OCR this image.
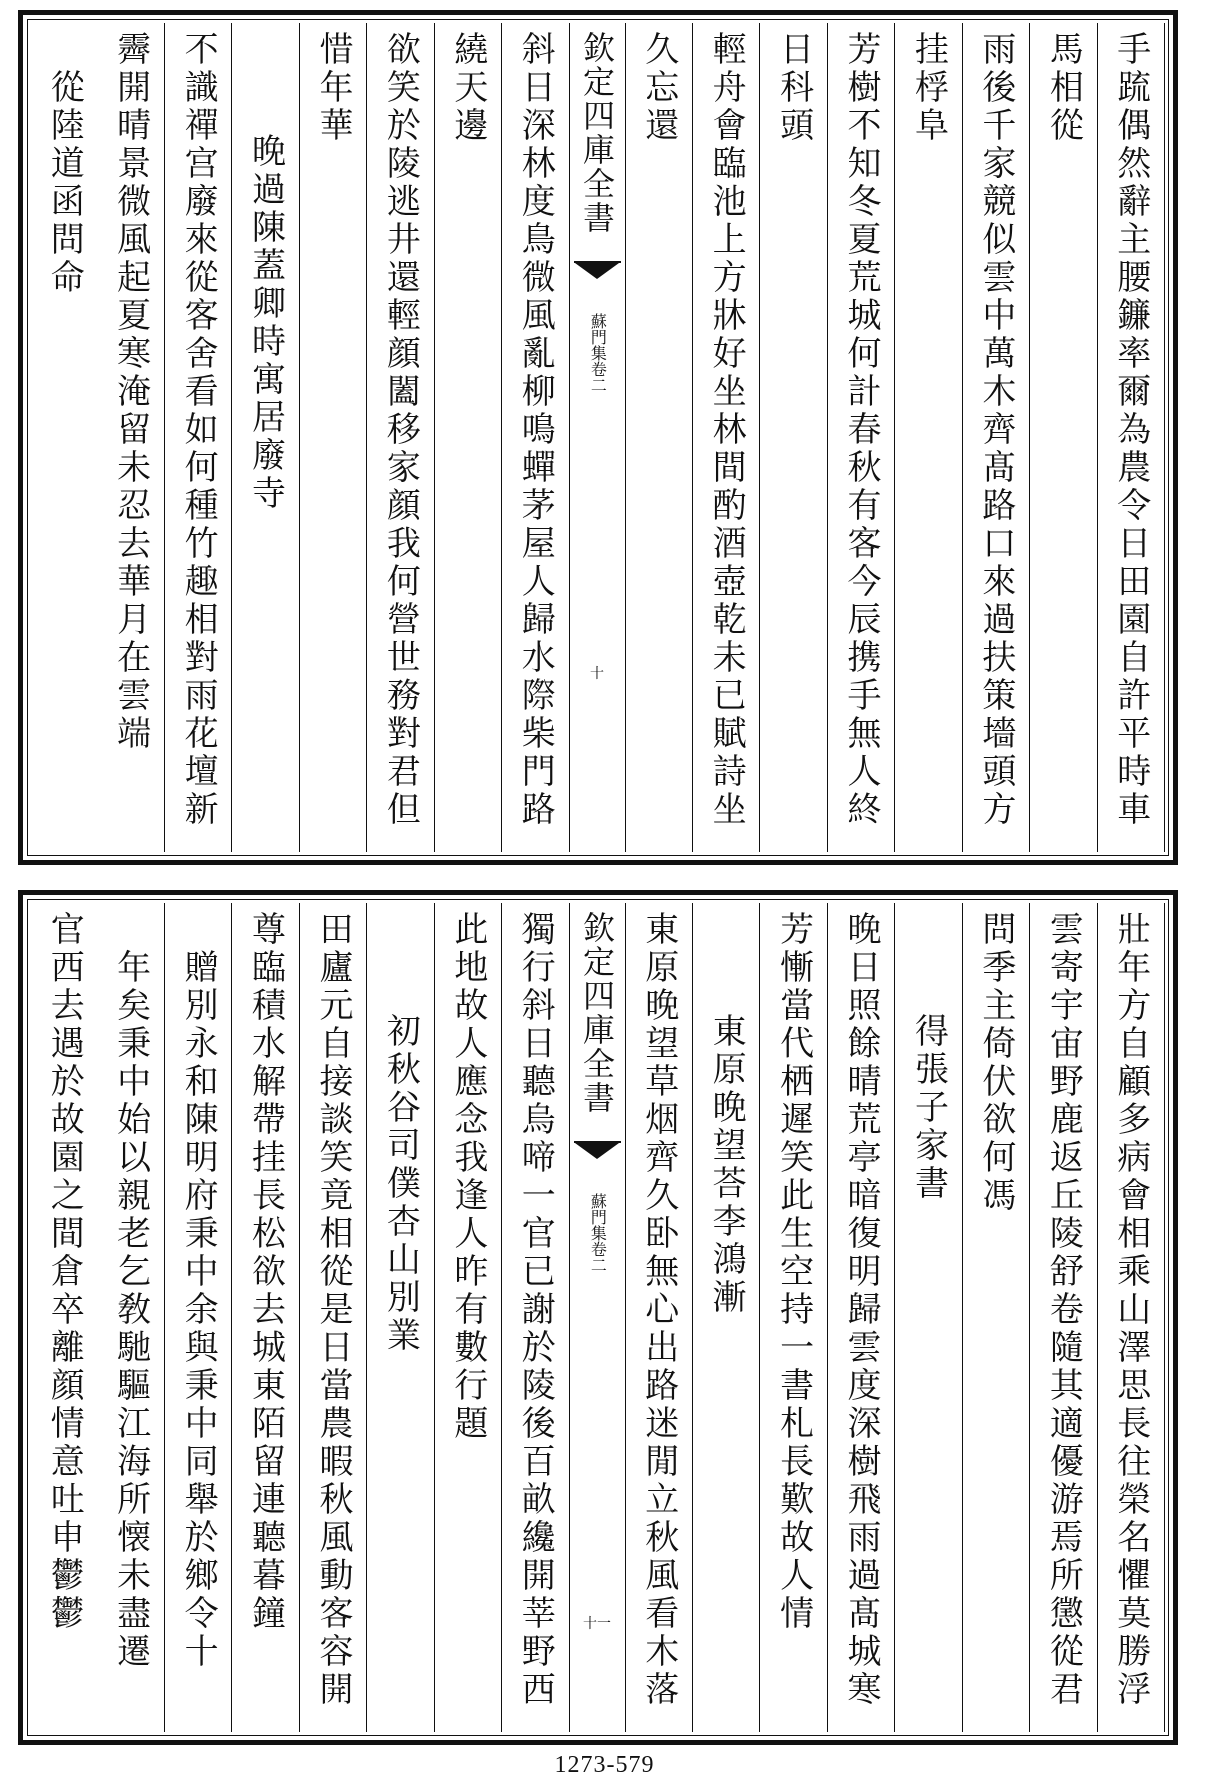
手䟽偶然辭主腰鐮率爾為農令日田園自許平時車
馬相從
雨後千家競似雲中萬木齊髙路口來過扶策墻頭方
挂桴阜
芳樹不知冬夏荒城何計春秋有客今辰携手無人終
日科頭
輕舟會臨池上方牀好坐林間酌酒壺乾未已賦詩坐
久忘還
欽定四庫全書
蘇門集卷二
十
斜日深林度鳥微風亂柳鳴蟬茅屋人歸水際柴門路
繞天邊
欲笑於陵逃井還輕顔闔移家顔我何營世務對君但
惜年華
晚過陳蓋卿時寓居廢寺
不識禪宫廢來從客舍看如何種竹趣相對雨花壇新
霽開晴景微風起夏寒淹留未忍去華月在雲端
從陸道函問命
壯年方自顧多病會相乘山澤思長往榮名懼莫勝浮
雲寄宇宙野鹿返丘陵舒卷隨其適優游焉所懲從君
問季主倚伏欲何馮
得張子家書
晚日照餘晴荒亭暗復明歸雲度深樹飛雨過髙城寒
芳慚當代栖遲笑此生空持一書札長歎故人情
東原晚望荅李鴻漸
東原晚望草烟齊久卧無心出路迷閒立秋風看木落
欽定四庫全書
蘇門集卷二
十一
獨行斜日聽烏啼一官已謝於陵後百畝纔開莘野西
此地故人應念我逢人昨有數行題
初秋谷司僕杏山別業
田廬元自接談笑竟相從是日當農暇秋風動客容開
尊臨積水解帶挂長松欲去城東陌留連聽暮鐘
贈別永和陳明府秉中余與秉中同舉於鄉令十
年矣秉中始以親老乞敎馳驅江海所懐未盡遷
官西去遇於故園之間倉卒離顔情意吐申鬱鬱
1273-579
